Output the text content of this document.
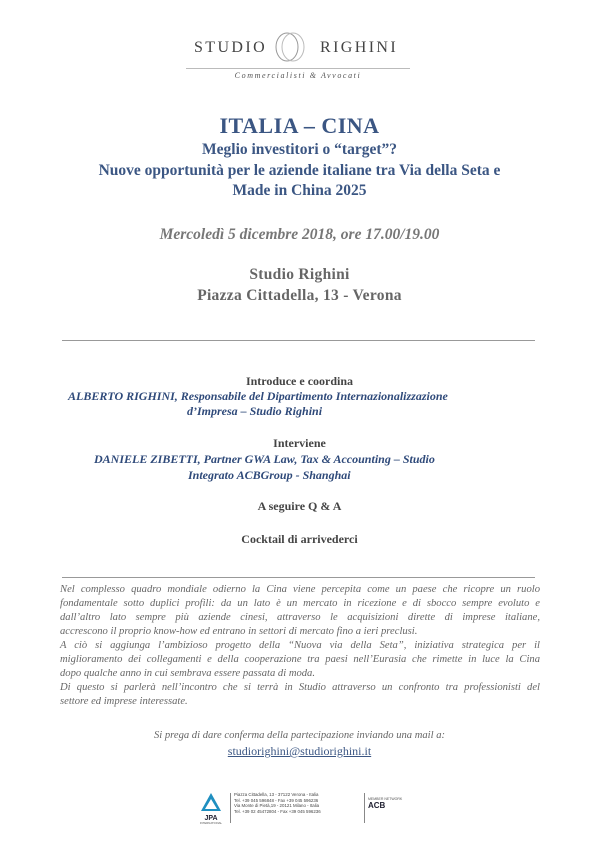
STUDIO	RIGHINI
Commercialisti & Avvocati
ITALIA – CINA
Meglio investitori o “target”?
Nuove opportunità per le aziende italiane tra Via della Seta e
Made in China 2025
Mercoledì 5 dicembre 2018, ore 17.00/19.00
Studio Righini
Piazza Cittadella, 13 - Verona
Introduce e coordina
ALBERTO RIGHINI, Responsabile del Dipartimento Internazionalizzazione
d’Impresa – Studio Righini
Interviene
DANIELE ZIBETTI, Partner GWA Law, Tax & Accounting – Studio
Integrato ACBGroup - Shanghai
A seguire Q & A
Cocktail di arrivederci
Nel complesso quadro mondiale odierno la Cina viene percepita come un paese che ricopre un ruolo
fondamentale sotto duplici profili: da un lato è un mercato in ricezione e di sbocco sempre evoluto e
dall’altro lato sempre più aziende cinesi, attraverso le acquisizioni dirette di imprese italiane,
accrescono il proprio know-how ed entrano in settori di mercato fino a ieri preclusi.
A ciò si aggiunga l’ambizioso progetto della “Nuova via della Seta”, iniziativa strategica per il
miglioramento dei collegamenti e della cooperazione tra paesi nell’Eurasia che rimette in luce la Cina
dopo qualche anno in cui sembrava essere passata di moda.
Di questo si parlerà nell’incontro che si terrà in Studio attraverso un confronto tra professionisti del
settore ed imprese interessate.
Si prega di dare conferma della partecipazione inviando una mail a:
studiorighini@studiorighini.it
JPA
INTERNATIONAL
Piazza Cittadella, 13 - 37122 Verona - Italia
Tel. +39 045 596848 - Fax +39 045 596236
Via Monte di Pietà,19 - 20121 Milano - Italia
Tel. +39 02 45472804 - Fax +39 045 596236
MEMBER NETWORK
ACB
